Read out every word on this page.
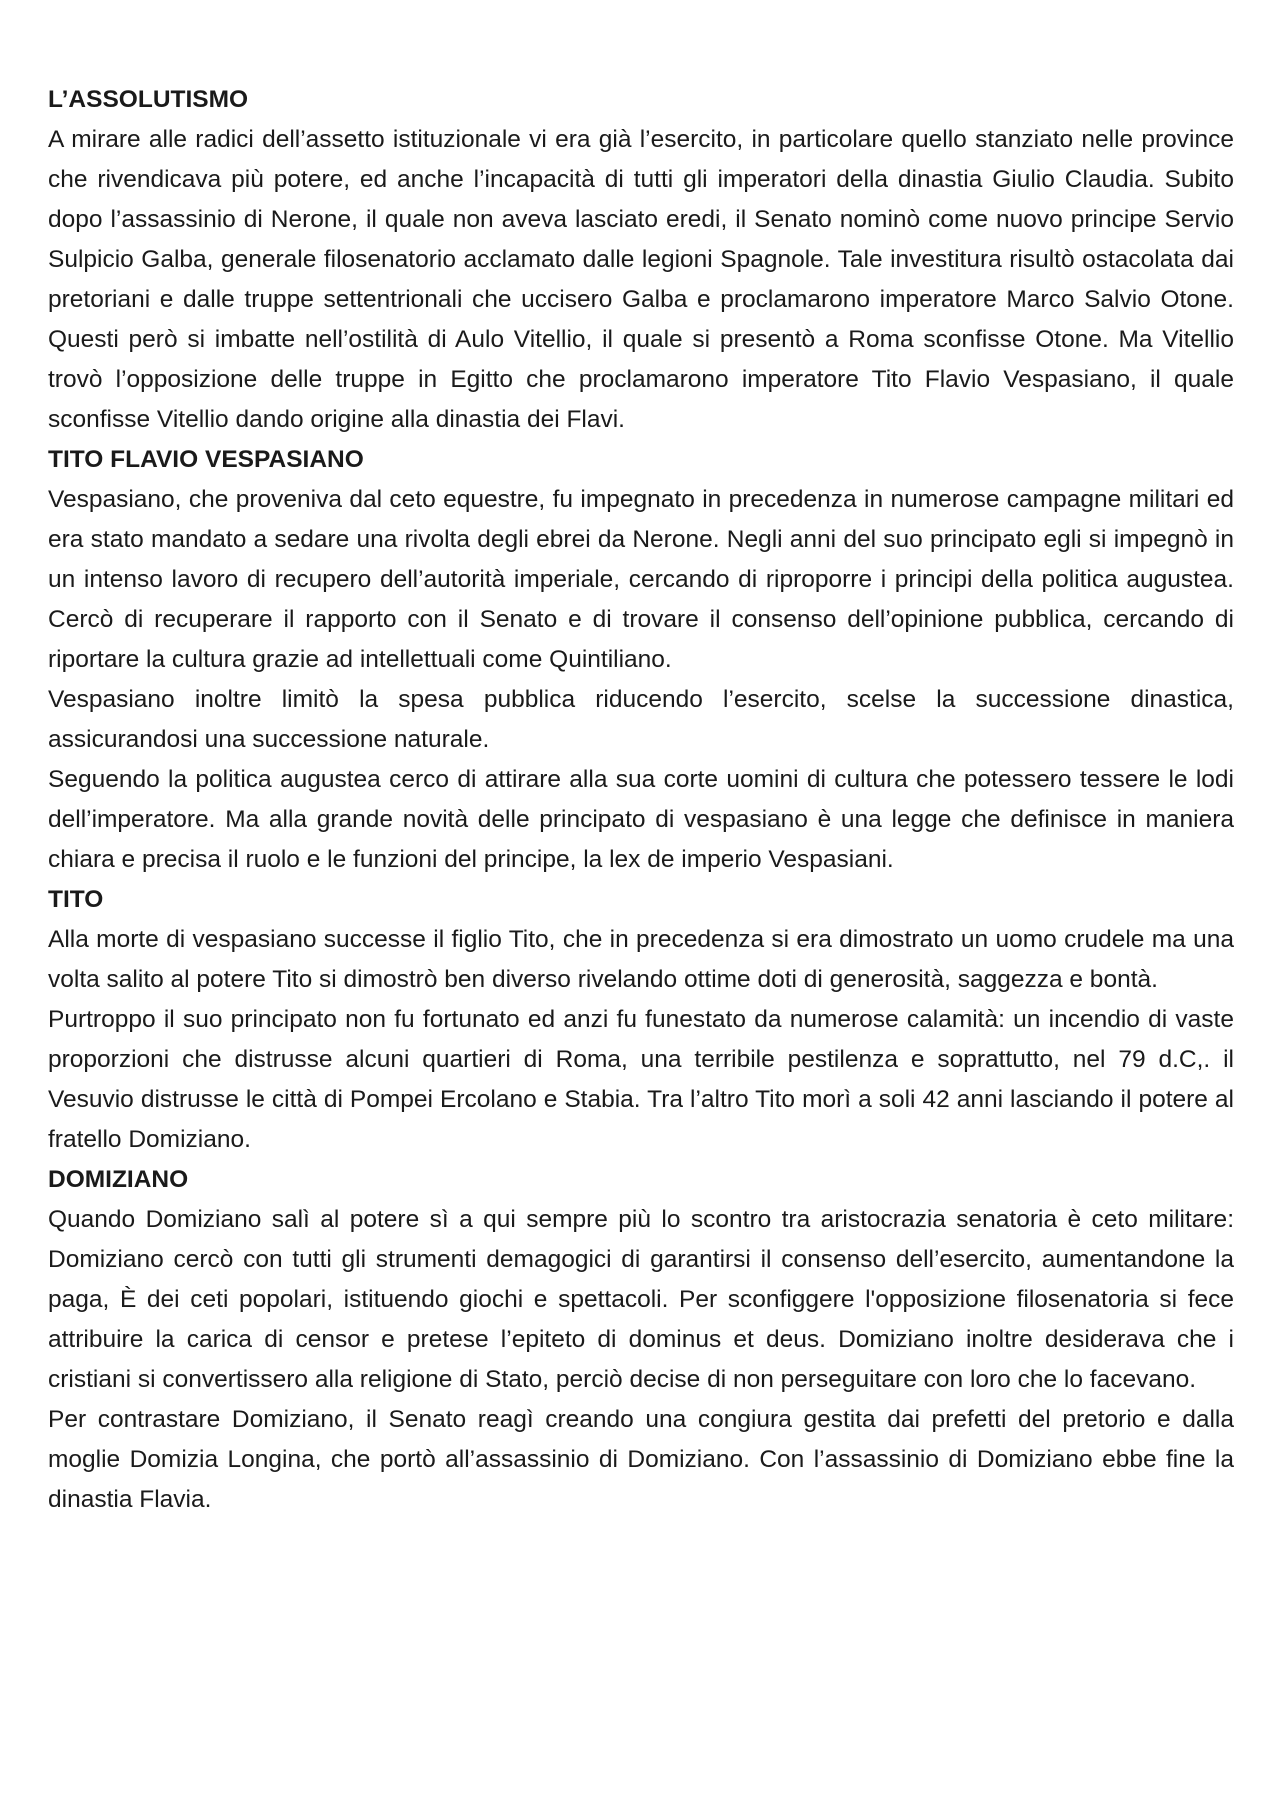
L’ASSOLUTISMO

A mirare alle radici dell’assetto istituzionale vi era già l’esercito, in particolare quello stanziato nelle province che rivendicava più potere, ed anche l’incapacità di tutti gli imperatori della dinastia Giulio Claudia. Subito dopo l’assassinio di Nerone, il quale non aveva lasciato eredi, il Senato nominò come nuovo principe Servio Sulpicio Galba, generale filosenatorio acclamato dalle legioni Spagnole. Tale investitura risultò ostacolata dai pretoriani e dalle truppe settentrionali che uccisero Galba e proclamarono imperatore Marco Salvio Otone. Questi però si imbatte nell’ostilità di Aulo Vitellio, il quale si presentò a Roma sconfisse Otone. Ma Vitellio trovò l’opposizione delle truppe in Egitto che proclamarono imperatore Tito Flavio Vespasiano, il quale sconfisse Vitellio dando origine alla dinastia dei Flavi.

TITO FLAVIO VESPASIANO

Vespasiano, che proveniva dal ceto equestre, fu impegnato in precedenza in numerose campagne militari ed era stato mandato a sedare una rivolta degli ebrei da Nerone. Negli anni del suo principato egli si impegnò in un intenso lavoro di recupero dell’autorità imperiale, cercando di riproporre i principi della politica augustea. Cercò di recuperare il rapporto con il Senato e di trovare il consenso dell’opinione pubblica, cercando di riportare la cultura grazie ad intellettuali come Quintiliano.

Vespasiano inoltre limitò la spesa pubblica riducendo l’esercito, scelse la successione dinastica, assicurandosi una successione naturale.

Seguendo la politica augustea cerco di attirare alla sua corte uomini di cultura che potessero tessere le lodi dell’imperatore. Ma alla grande novità delle principato di vespasiano è una legge che definisce in maniera chiara e precisa il ruolo e le funzioni del principe, la lex de imperio Vespasiani.

TITO

Alla morte di vespasiano successe il figlio Tito, che in precedenza si era dimostrato un uomo crudele ma una volta salito al potere Tito si dimostrò ben diverso rivelando ottime doti di generosità, saggezza e bontà.

Purtroppo il suo principato non fu fortunato ed anzi fu funestato da numerose calamità: un incendio di vaste proporzioni che distrusse alcuni quartieri di Roma, una terribile pestilenza e soprattutto, nel 79 d.C,. il Vesuvio distrusse le città di Pompei Ercolano e Stabia. Tra l’altro Tito morì a soli 42 anni lasciando il potere al fratello Domiziano.

DOMIZIANO

Quando Domiziano salì al potere sì a qui sempre più lo scontro tra aristocrazia senatoria è ceto militare: Domiziano cercò con tutti gli strumenti demagogici di garantirsi il consenso dell’esercito, aumentandone la paga, È dei ceti popolari, istituendo giochi e spettacoli. Per sconfiggere l'opposizione filosenatoria si fece attribuire la carica di censor e pretese l’epiteto di dominus et deus. Domiziano inoltre desiderava che i cristiani si convertissero alla religione di Stato, perciò decise di non perseguitare con loro che lo facevano.

Per contrastare Domiziano, il Senato reagì creando una congiura gestita dai prefetti del pretorio e dalla moglie Domizia Longina, che portò all’assassinio di Domiziano. Con l’assassinio di Domiziano ebbe fine la dinastia Flavia.
